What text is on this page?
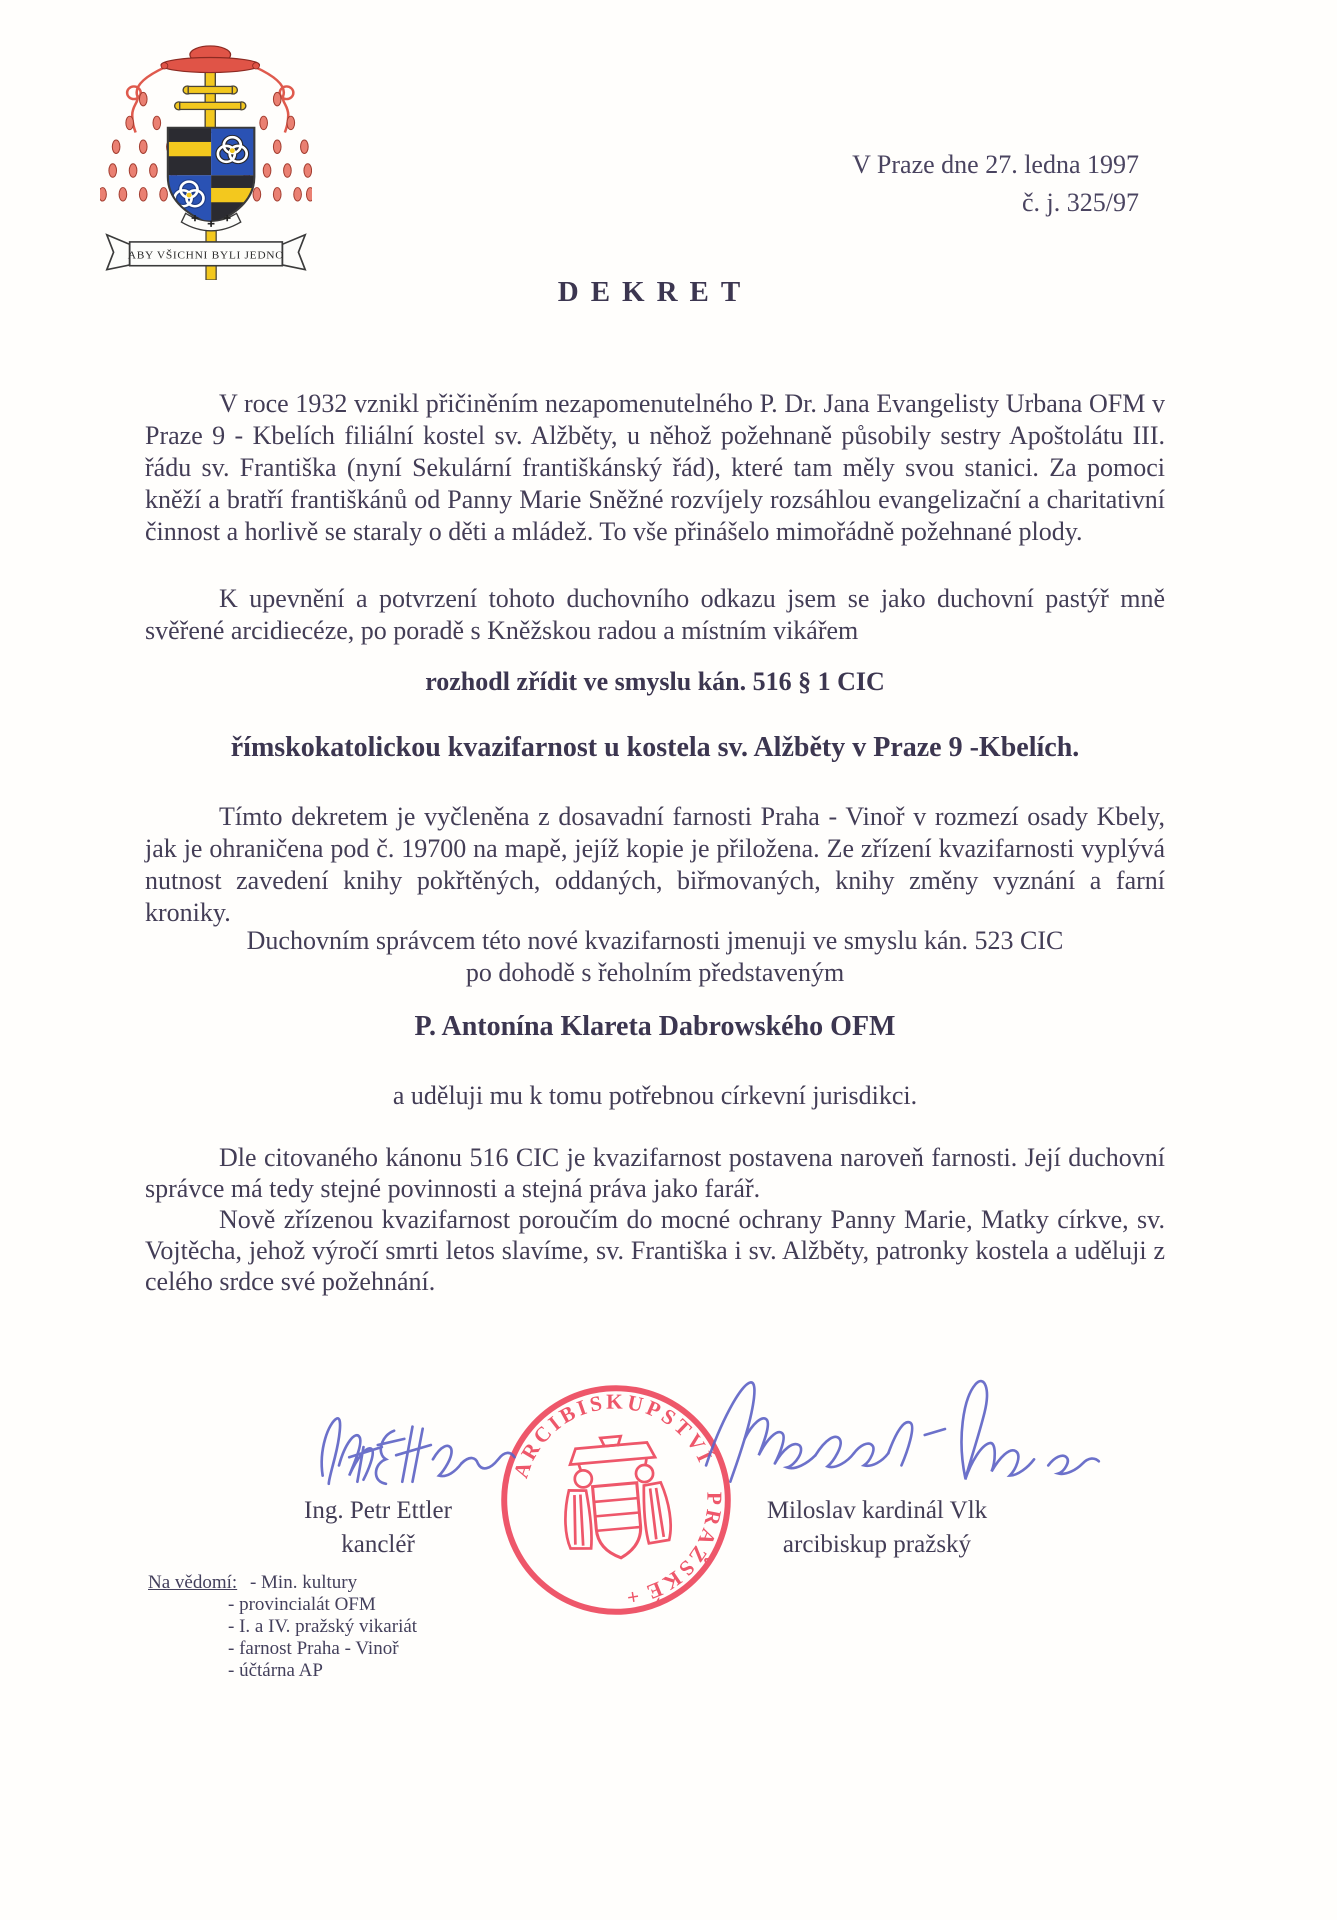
ABY VŠICHNI BYLI JEDNO
V Praze dne 27. ledna 1997
č. j. 325/97
DEKRET
V roce 1932 vznikl přičiněním nezapomenutelného P. Dr. Jana Evangelisty Urbana OFM v Praze 9 - Kbelích filiální kostel sv. Alžběty, u něhož požehnaně působily sestry Apoštolátu III. řádu sv. Františka (nyní Sekulární františkánský řád), které tam měly svou stanici. Za pomoci kněží a bratří františkánů od Panny Marie Sněžné rozvíjely rozsáhlou evangelizační a charitativní činnost a horlivě se staraly o děti a mládež. To vše přinášelo mimořádně požehnané plody.
K upevnění a potvrzení tohoto duchovního odkazu jsem se jako duchovní pastýř mně svěřené arcidiecéze, po poradě s Kněžskou radou a místním vikářem
rozhodl zřídit ve smyslu kán. 516 § 1 CIC
římskokatolickou kvazifarnost u kostela sv. Alžběty v Praze 9 -Kbelích.
Tímto dekretem je vyčleněna z dosavadní farnosti Praha - Vinoř v rozmezí osady Kbely, jak je ohraničena pod č. 19700 na mapě, jejíž kopie je přiložena. Ze zřízení kvazifarnosti vyplývá nutnost zavedení knihy pokřtěných, oddaných, biřmovaných, knihy změny vyznání a farní kroniky.
Duchovním správcem této nové kvazifarnosti jmenuji ve smyslu kán. 523 CIC
po dohodě s řeholním představeným
P. Antonína Klareta Dabrowského OFM
a uděluji mu k tomu potřebnou církevní jurisdikci.
Dle citovaného kánonu 516 CIC je kvazifarnost postavena naroveň farnosti. Její duchovní správce má tedy stejné povinnosti a stejná práva jako farář.
Nově zřízenou kvazifarnost poroučím do mocné ochrany Panny Marie, Matky církve, sv. Vojtěcha, jehož výročí smrti letos slavíme, sv. Františka i sv. Alžběty, patronky kostela a uděluji z celého srdce své požehnání.
ARCIBISKUPSTVÍ PRAŽSKÉ +
Ing. Petr Ettler
kancléř
Miloslav kardinál Vlk
arcibiskup pražský
Na vědomí: - Min. kultury
- provincialát OFM
- I. a IV. pražský vikariát
- farnost Praha - Vinoř
- účtárna AP
